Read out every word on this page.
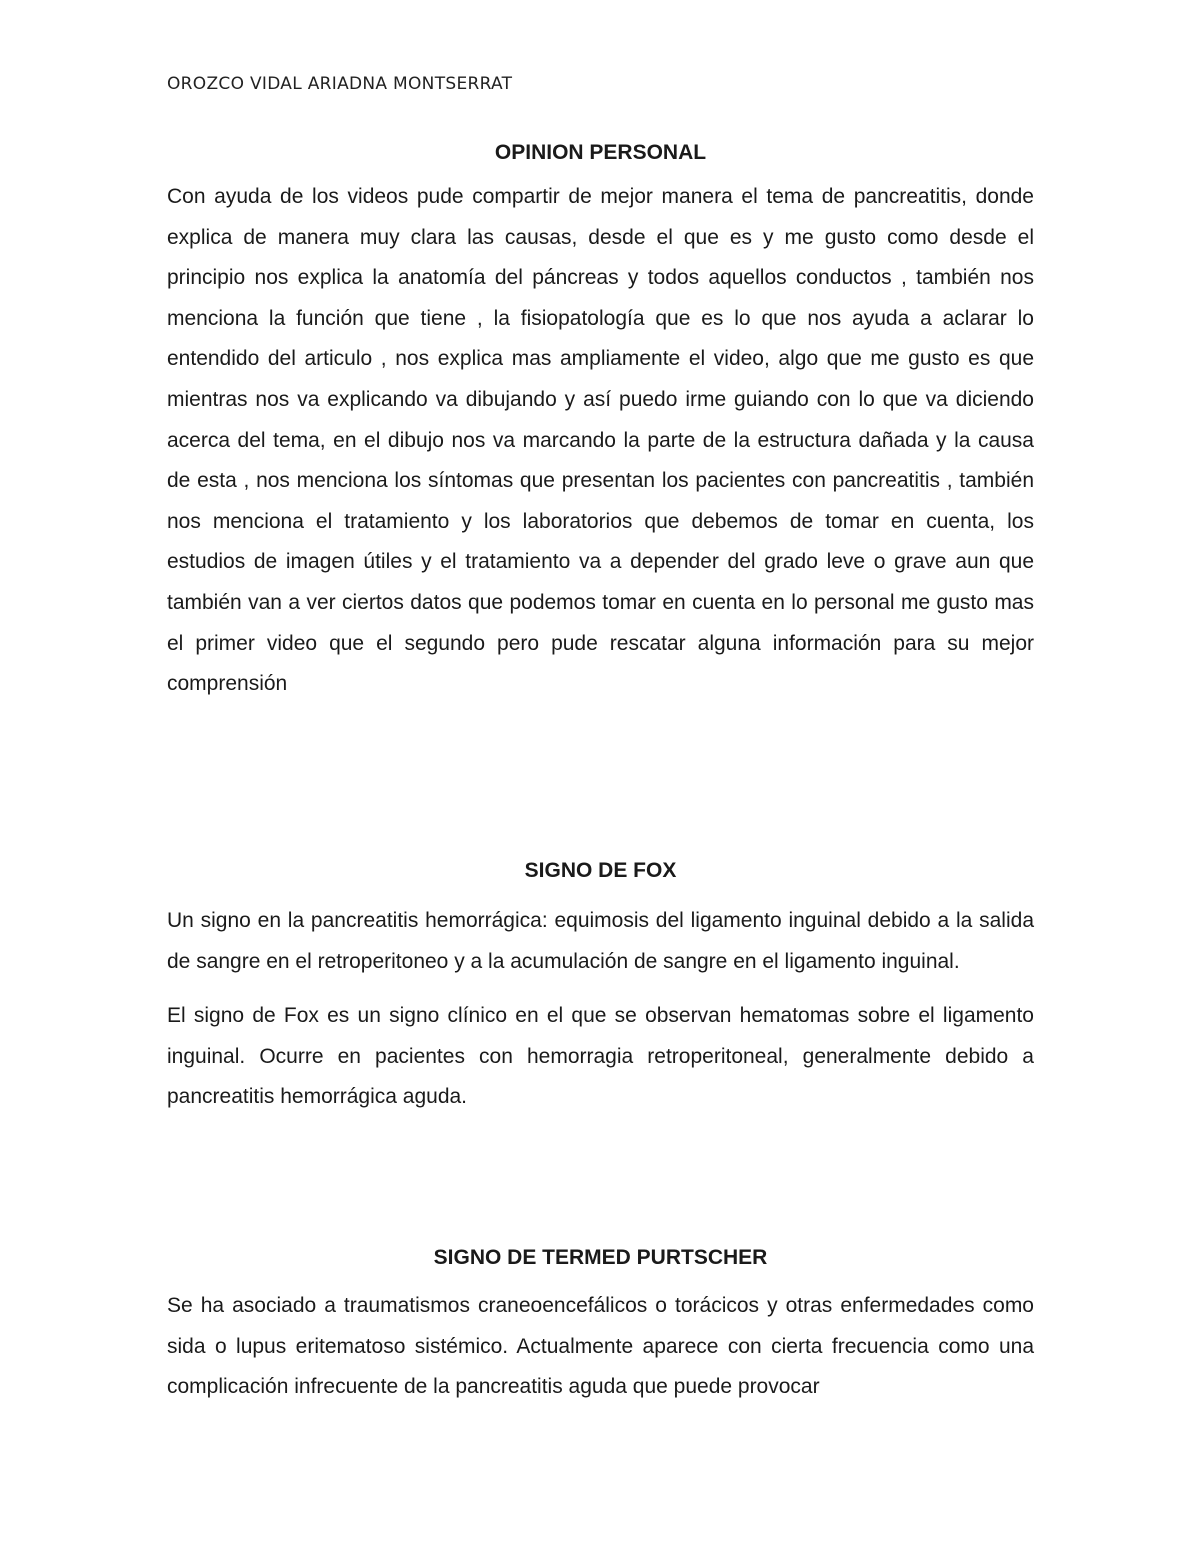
OROZCO VIDAL ARIADNA MONTSERRAT
OPINION PERSONAL

Con ayuda de los videos pude compartir de mejor manera el tema de pancreatitis, donde explica de manera muy clara las causas, desde el que es y me gusto como desde el principio nos explica la anatomía del páncreas y todos aquellos conductos , también nos menciona la función que tiene , la fisiopatología que es lo que nos ayuda a aclarar lo entendido del articulo , nos explica mas ampliamente el video, algo que me gusto es que mientras nos va explicando va dibujando y así puedo irme guiando con lo que va diciendo acerca del tema, en el dibujo nos va marcando la parte de la estructura dañada y la causa de esta , nos menciona los síntomas que presentan los pacientes con pancreatitis , también nos menciona el tratamiento y los laboratorios que debemos de tomar en cuenta, los estudios de imagen útiles y el tratamiento va a depender del grado leve o grave aun que también van a ver ciertos datos que podemos tomar en cuenta en lo personal me gusto mas el primer video que el segundo pero pude rescatar alguna información para su mejor comprensión

SIGNO DE FOX

Un signo en la pancreatitis hemorrágica: equimosis del ligamento inguinal debido a la salida de sangre en el retroperitoneo y a la acumulación de sangre en el ligamento inguinal.

El signo de Fox es un signo clínico en el que se observan hematomas sobre el ligamento inguinal. Ocurre en pacientes con hemorragia retroperitoneal, generalmente debido a pancreatitis hemorrágica aguda.

SIGNO DE TERMED PURTSCHER

Se ha asociado a traumatismos craneoencefálicos o torácicos y otras enfermedades como sida o lupus eritematoso sistémico. Actualmente aparece con cierta frecuencia como una complicación infrecuente de la pancreatitis aguda que puede provocar
